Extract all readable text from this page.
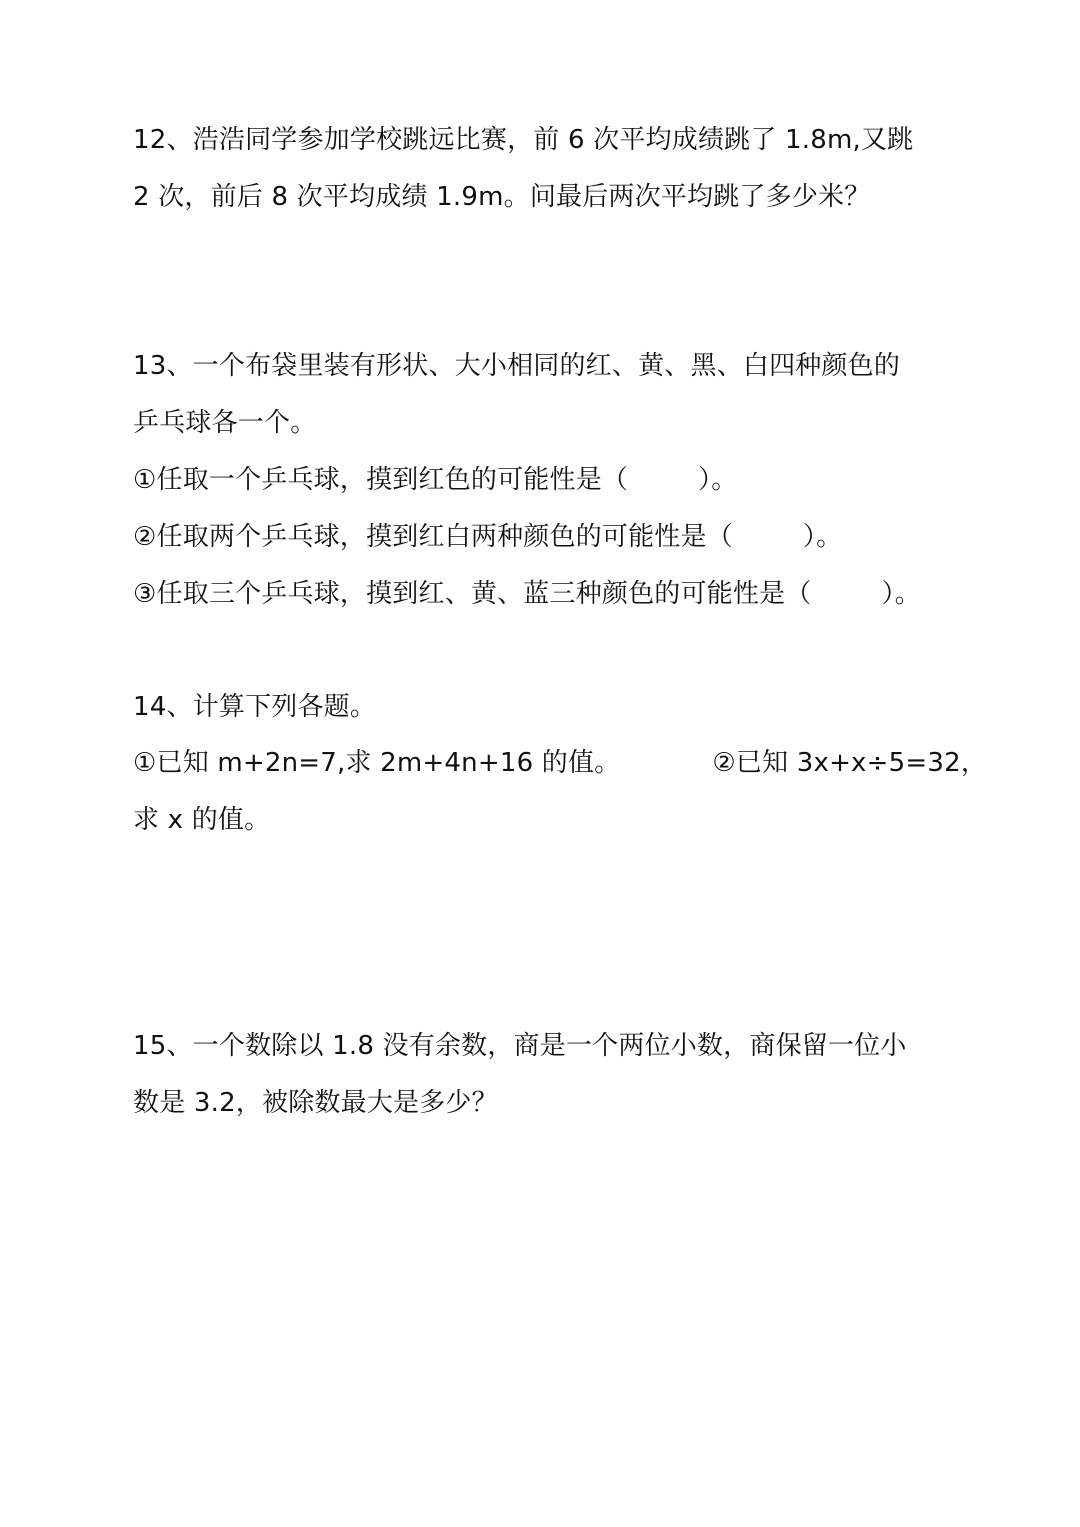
12、浩浩同学参加学校跳远比赛，前 6 次平均成绩跳了 1.8m,又跳
2 次，前后 8 次平均成绩 1.9m。问最后两次平均跳了多少米？
13、一个布袋里装有形状、大小相同的红、黄、黑、白四种颜色的
乒乓球各一个。
①任取一个乒乓球，摸到红色的可能性是（	）。
②任取两个乒乓球，摸到红白两种颜色的可能性是（	）。
③任取三个乒乓球，摸到红、黄、蓝三种颜色的可能性是（	）。
14、计算下列各题。
①已知 m+2n=7,求 2m+4n+16 的值。	②已知 3x+x÷5=32，
求 x 的值。
15、一个数除以 1.8 没有余数，商是一个两位小数，商保留一位小
数是 3.2，被除数最大是多少？
